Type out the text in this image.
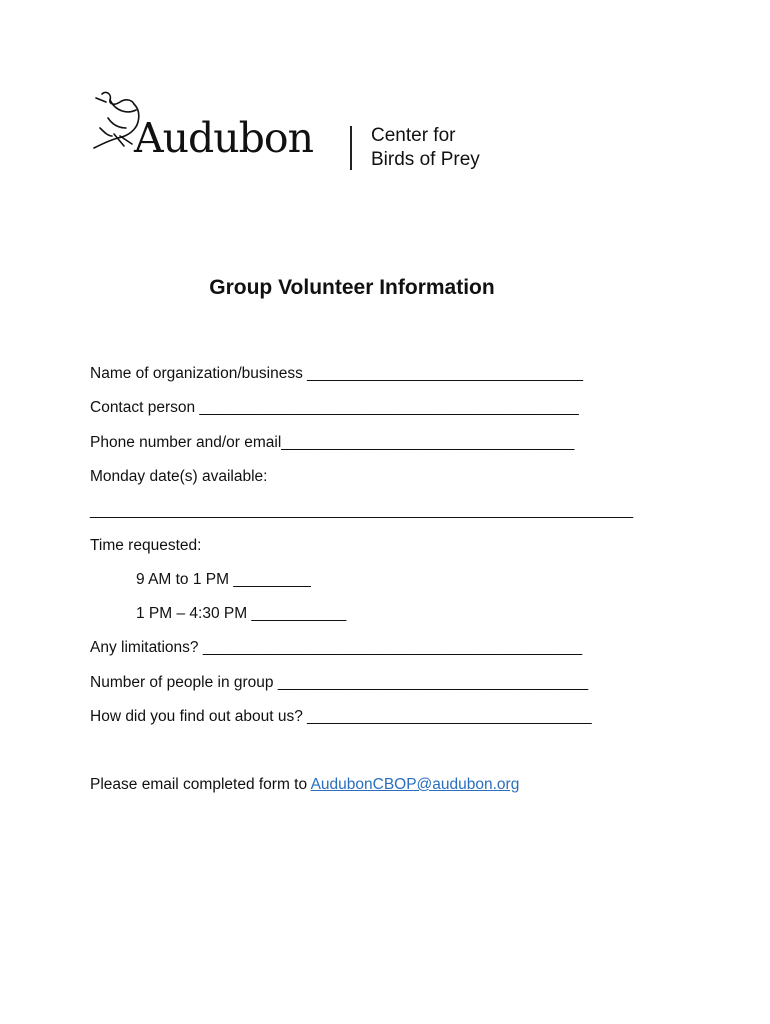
Audubon	Center for
Birds of Prey
Group Volunteer Information
Name of organization/business ________________________________
Contact person ____________________________________________
Phone number and/or email__________________________________
Monday date(s) available:
_______________________________________________________________
Time requested:
9 AM to 1 PM _________
1 PM – 4:30 PM ___________
Any limitations? ____________________________________________
Number of people in group ____________________________________
How did you find out about us? _________________________________
Please email completed form to AudubonCBOP@audubon.org
